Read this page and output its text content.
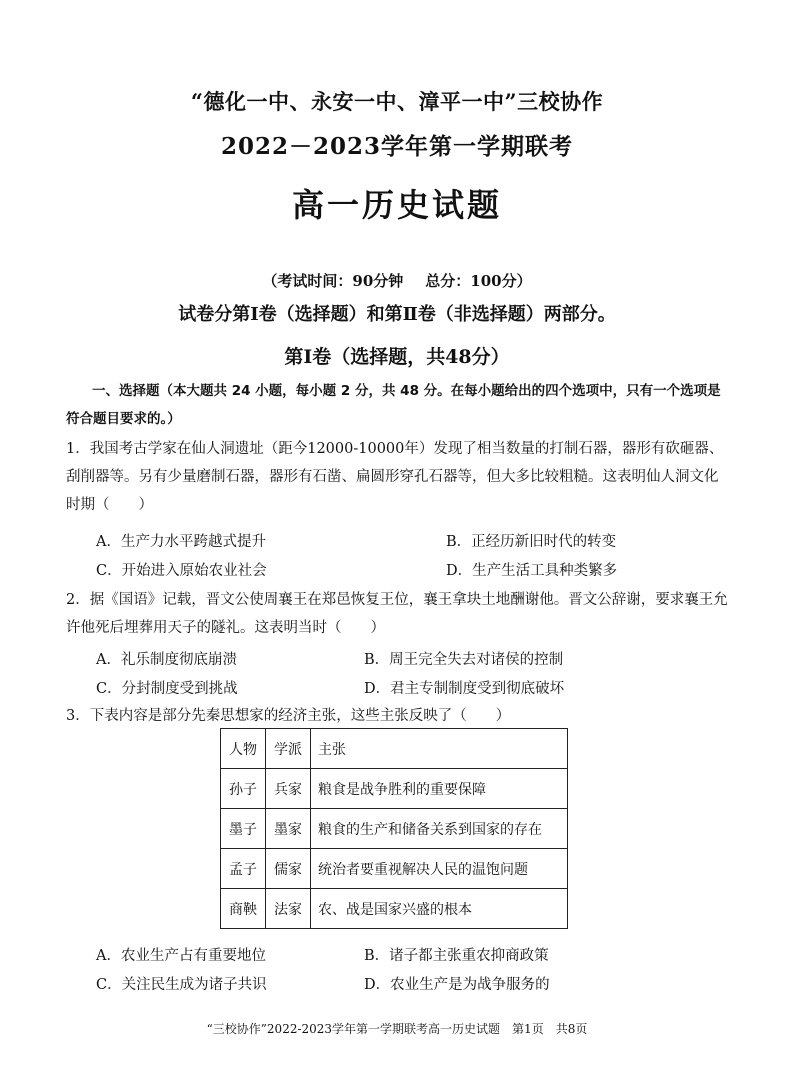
“德化一中、永安一中、漳平一中”三校协作
2022－2023学年第一学期联考
高一历史试题
（考试时间：90分钟 总分：100分）
试卷分第Ⅰ卷（选择题）和第Ⅱ卷（非选择题）两部分。
第Ⅰ卷（选择题，共48分）
一、选择题（本大题共 24 小题，每小题 2 分，共 48 分。在每小题给出的四个选项中，只有一个选项是符合题目要求的。）
1．我国考古学家在仙人洞遗址（距今12000-10000年）发现了相当数量的打制石器，器形有砍砸器、刮削器等。另有少量磨制石器，器形有石凿、扁圆形穿孔石器等，但大多比较粗糙。这表明仙人洞文化时期（　　）
A．生产力水平跨越式提升	B．正经历新旧时代的转变
C．开始进入原始农业社会	D．生产生活工具种类繁多
2．据《国语》记载，晋文公使周襄王在郑邑恢复王位，襄王拿块土地酬谢他。晋文公辞谢，要求襄王允许他死后埋葬用天子的隧礼。这表明当时（　　）
A．礼乐制度彻底崩溃	B．周王完全失去对诸侯的控制
C．分封制度受到挑战	D．君主专制制度受到彻底破坏
3．下表内容是部分先秦思想家的经济主张，这些主张反映了（　　）
人物	学派	主张
孙子	兵家	粮食是战争胜利的重要保障
墨子	墨家	粮食的生产和储备关系到国家的存在
孟子	儒家	统治者要重视解决人民的温饱问题
商鞅	法家	农、战是国家兴盛的根本
A．农业生产占有重要地位	B．诸子都主张重农抑商政策
C．关注民生成为诸子共识	D．农业生产是为战争服务的
“三校协作”2022-2023学年第一学期联考高一历史试题　第1页　共8页
